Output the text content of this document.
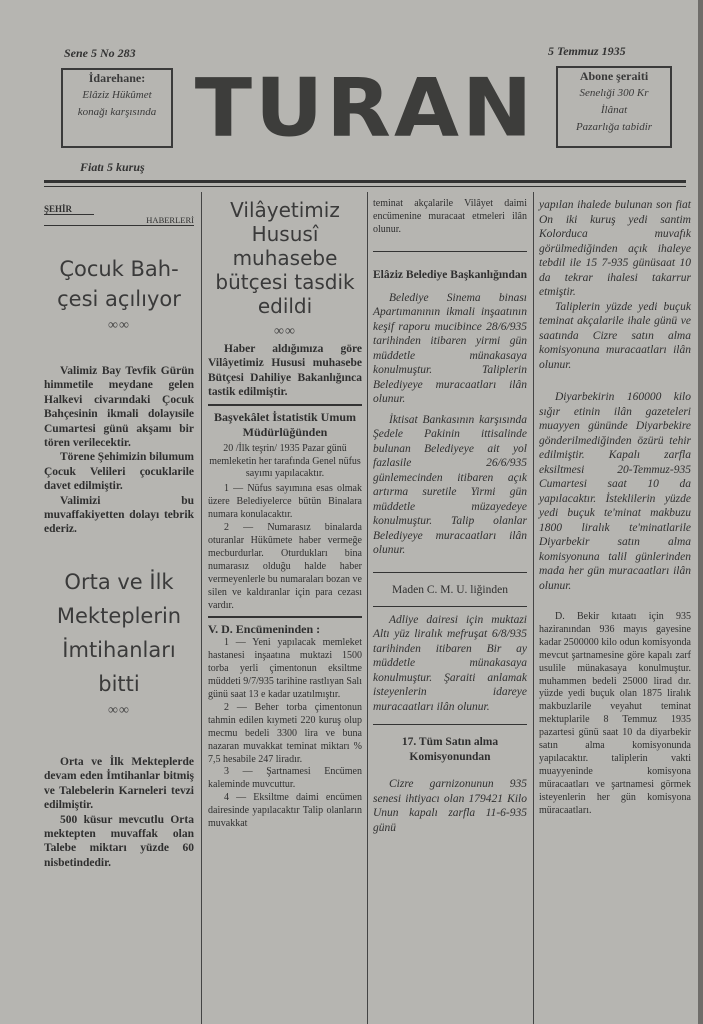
Sene 5 No 283	5 Temmuz 1935
İdarehane:
Elâziz Hükûmet
konağı karşısında TURAN	Abone şeraiti
Senelıği 300 Kr
İlânat
Pazarlığa tabidir
Fiatı 5 kuruş
ŞEHİR
HABERLERİ
Çocuk Bah-çesi açılıyor
∞∞
Valimiz Bay Tevfik Gürün himmetile meydane gelen Halkevi civarındaki Çocuk Bahçesinin ikmali dolayısile Cumartesi günü akşamı bir tören verilecektir.
Törene Şehimizin bilumum Çocuk Velileri çocuklarile davet edilmiştir.
Valimizi bu muvaffakiyetten dolayı tebrik ederiz.
Orta ve İlk Mekteplerin İmtihanları bitti
∞∞
Orta ve İlk Mekteplerde devam eden İmtihanlar bitmiş ve Talebelerin Karneleri tevzi edilmiştir.
500 küsur mevcutlu Orta mektepten muvaffak olan Talebe miktarı yüzde 60 nisbetindedir.
Vilâyetimiz Hususî muhasebe bütçesi tasdik edildi
∞∞
Haber aldığımıza göre Vilâyetimiz Hususi muhasebe Bütçesi Dahiliye Bakanlığınca tastik edilmiştir.
Başvekâlet İstatistik Umum Müdürlüğünden
20 /İlk teşrin/ 1935 Pazar günü memleketin her tarafında Genel nüfus sayımı yapılacaktır.
1 — Nüfus sayımına esas olmak üzere Belediyelerce bütün Binalara numara konulacaktır.
2 — Numarasız binalarda oturanlar Hükûmete haber vermeğe mecburdurlar. Oturdukları bina numarasız olduğu halde haber vermeyenlerle bu numaraları bozan ve silen ve kaldıranlar için para cezası vardır.
V. D. Encümeninden :
1 — Yeni yapılacak memleket hastanesi inşaatına muktazi 1500 torba yerli çimentonun eksiltme müddeti 9/7/935 tarihine rastlıyan Salı günü saat 13 e kadar uzatılmıştır.
2 — Beher torba çimentonun tahmin edilen kıymeti 220 kuruş olup mecmu bedeli 3300 lira ve buna nazaran muvakkat teminat miktarı % 7,5 hesabile 247 liradır.
3 — Şartnamesi Encümen kaleminde muvcuttur.
4 — Eksiltme daimi encümen dairesinde yapılacaktır Talip olanların muvakkat
teminat akçalarile Vilâyet daimi encümenine muracaat etmeleri ilân olunur.
Elâziz Belediye Başkanlığından
Belediye Sinema binası Apartımanının ikmali inşaatının keşif raporu mucibince 28/6/935 tarihinden itibaren yirmi gün müddetle münakasaya konulmuştur. Taliplerin Belediyeye muracaatları ilân olunur.
İktisat Bankasının karşısında Şedele Pakinin ittisalinde bulunan Belediyeye ait yol fazlasile 26/6/935 günlemecinden itibaren açık artırma suretile Yirmi gün müddetle müzayedeye konulmuştur. Talip olanlar Belediyeye muracaatları ilân olunur.
Maden C. M. U. liğinden
Adliye dairesi için muktazi Altı yüz liralık mefruşat 6/8/935 tarihinden itibaren Bir ay müddetle münakasaya konulmuştur. Şaraiti anlamak isteyenlerin idareye muracaatları ilân olunur.
17. Tüm Satın alma Komisyonundan
Cizre garnizonunun 935 senesi ihtiyacı olan 179421 Kilo Unun kapalı zarfla 11-6-935 günü
yapılan ihalede bulunan son fiat On iki kuruş yedi santim Kolorduca muvafık görülmediğinden açık ihaleye tebdil ile 15 7-935 günüsaat 10 da tekrar ihalesi takarrur etmiştir.
Taliplerin yüzde yedi buçuk teminat akçalarile ihale günü ve saatında Cizre satın alma komisyonuna muracaatları ilân olunur.
Diyarbekirin 160000 kilo sığır etinin ilân gazeteleri muayyen gününde Diyarbekire gönderilmediğinden özürü tehir edilmiştir. Kapalı zarfla eksiltmesi 20-Temmuz-935 Cumartesi saat 10 da yapılacaktır. İsteklilerin yüzde yedi buçuk te'minat makbuzu 1800 liralık te'minatlarile Diyarbekir satın alma komisyonuna talil günlerinden mada her gün muracaatları ilân olunur.
D. Bekir kıtaatı için 935 haziranından 936 mayıs gayesine kadar 2500000 kilo odun komisyonda mevcut şartnamesine göre kapalı zarf usulile münakasaya konulmuştur. muhammen bedeli 25000 lirad dır. yüzde yedi buçuk olan 1875 liralık makbuzlarile veyahut teminat mektuplarile 8 Temmuz 1935 pazartesi günü saat 10 da diyarbekir satın alma komisyonunda yapılacaktır. taliplerin vakti muayyeninde komisyona müracaatları ve şartnamesi görmek isteyenlerin her gün komisyona müracaatları.
